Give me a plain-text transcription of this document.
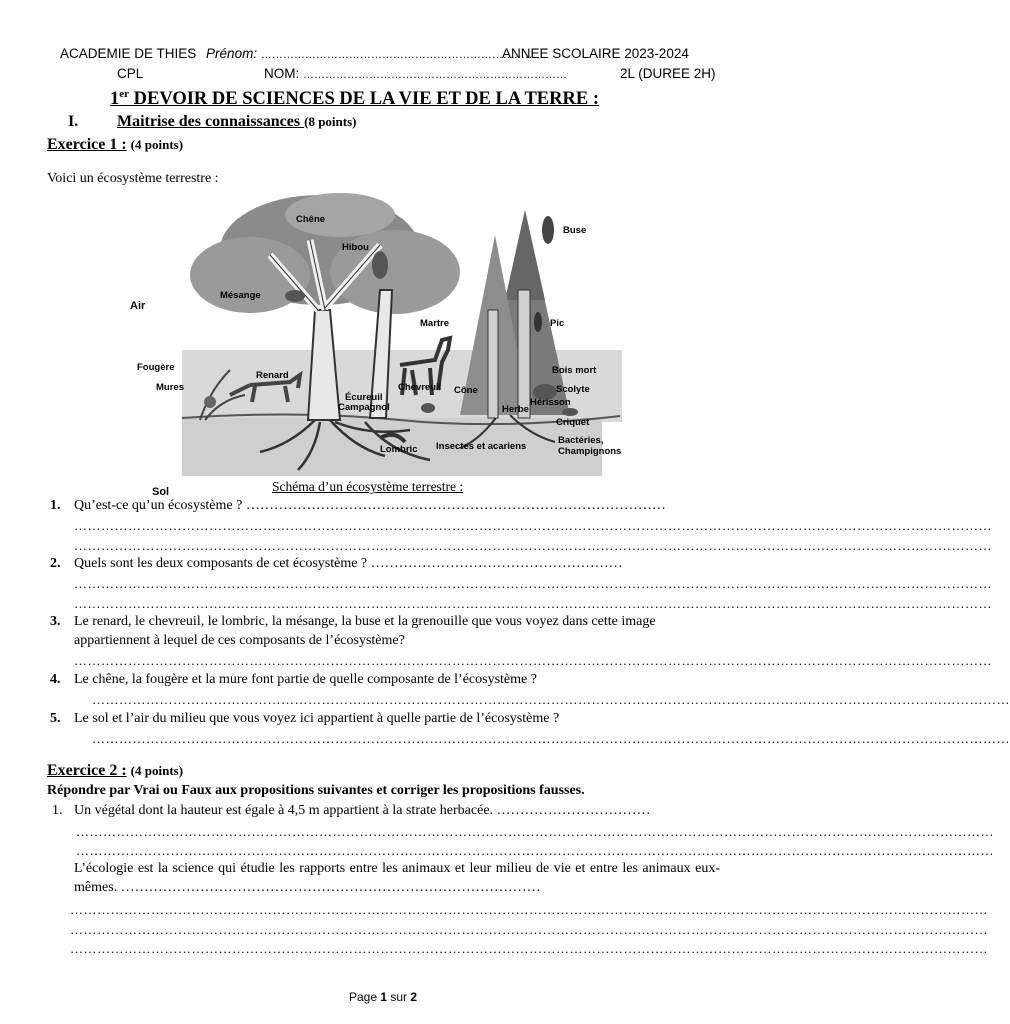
ACADEMIE DE THIES Prénom: …………………………………………………………………
ANNEE SCOLAIRE 2023-2024
CPL	NOM: ………………………………………………………………	2L (DUREE 2H)
1er DEVOIR DE SCIENCES DE LA VIE ET DE LA TERRE :
I. Maitrise des connaissances (8 points)
Exercice 1 : (4 points)
Voici un écosystème terrestre :
Chêne
Hibou
Buse
Mésange
Martre	Pic
Renard	Bois mort
Chevreuil Cône	Scolyte
Écureuil	Hérisson
Campagnol	Herbe
Criquet
Bactéries,
Champignons
Lombric Insectes et acariens
Air
Fougère
Mures
Sol	Schéma d’un écosystème terrestre :
1. Qu’est-ce qu’un écosystème ? ………………………………………………………………………………
……………………………………………………………………………………………………………………………………………………………………………………
……………………………………………………………………………………………………………………………………………………………………………………
2. Quels sont les deux composants de cet écosystème ? ………………………………………………
……………………………………………………………………………………………………………………………………………………………………………………
……………………………………………………………………………………………………………………………………………………………………………………
3. Le renard, le chevreuil, le lombric, la mésange, la buse et la grenouille que vous voyez dans cette image
appartiennent à lequel de ces composants de l’écosystème?
……………………………………………………………………………………………………………………………………………………………………………………
4. Le chêne, la fougère et la mure font partie de quelle composante de l’écosystème ?
……………………………………………………………………………………………………………………………………………………………………………………
5. Le sol et l’air du milieu que vous voyez ici appartient à quelle partie de l’écosystème ?
……………………………………………………………………………………………………………………………………………………………………………………
Exercice 2 : (4 points)
Répondre par Vrai ou Faux aux propositions suivantes et corriger les propositions fausses.
1. Un végétal dont la hauteur est égale à 4,5 m appartient à la strate herbacée. ……………………………
……………………………………………………………………………………………………………………………………………………………………………………
……………………………………………………………………………………………………………………………………………………………………………………
L’écologie est la science qui étudie les rapports entre les animaux et leur milieu de vie et entre les animaux eux-mêmes. ………………………………………………………………………………
……………………………………………………………………………………………………………………………………………………………………………………
……………………………………………………………………………………………………………………………………………………………………………………
……………………………………………………………………………………………………………………………………………………………………………………
Page 1 sur 2
